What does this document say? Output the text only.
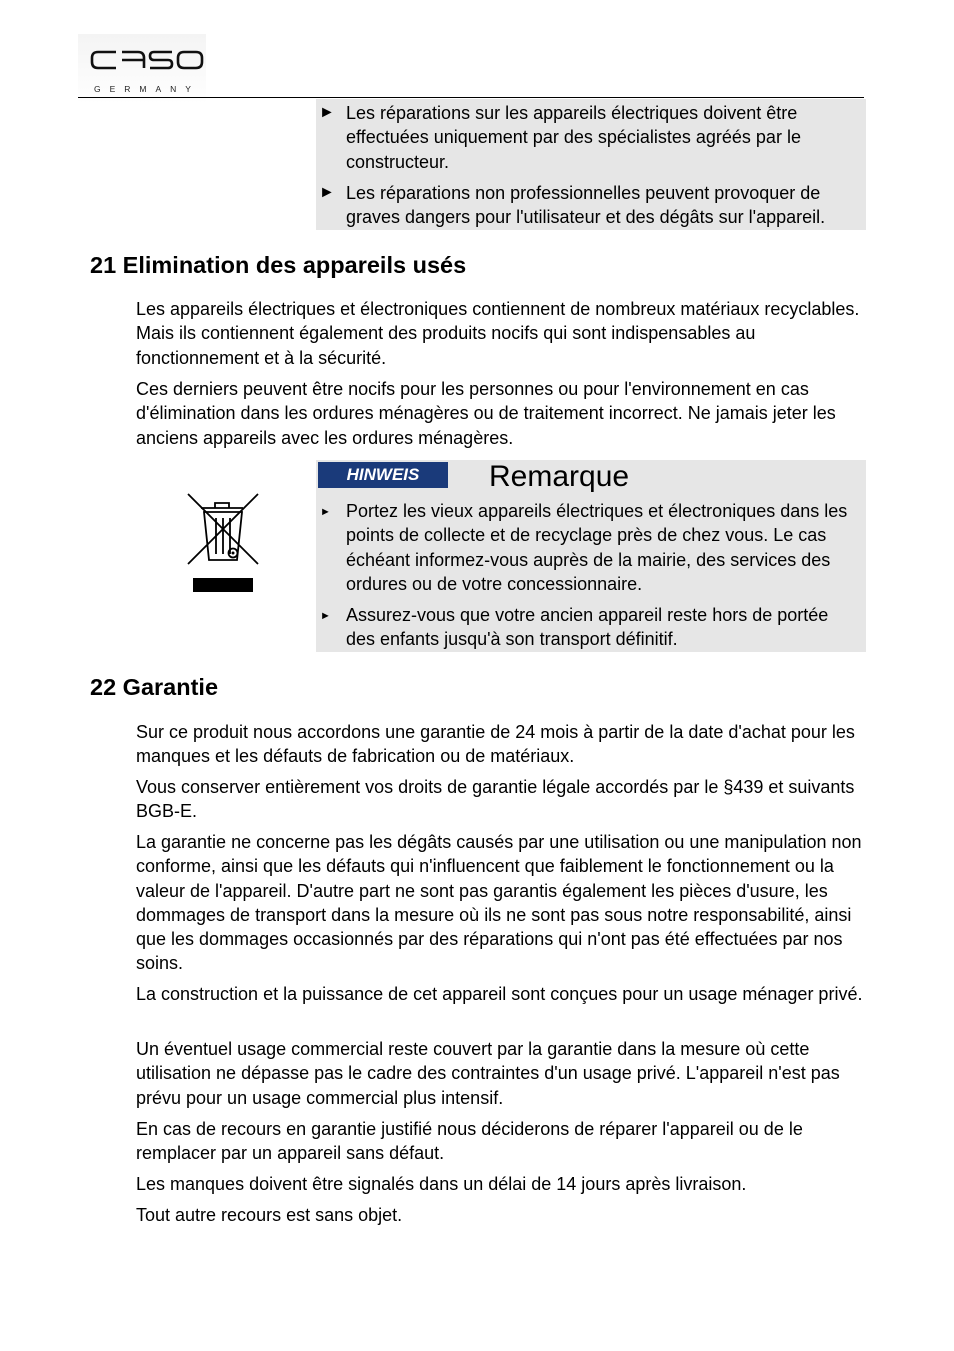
GERMANY
► Les réparations sur les appareils électriques doivent être effectuées uniquement par des spécialistes agréés par le constructeur.
► Les réparations non professionnelles peuvent provoquer de graves dangers pour l'utilisateur et des dégâts sur l'appareil.
21 Elimination des appareils usés
Les appareils électriques et électroniques contiennent de nombreux matériaux recyclables. Mais ils contiennent également des produits nocifs qui sont indispensables au fonctionnement et à la sécurité.
Ces derniers peuvent être nocifs pour les personnes ou pour l'environnement en cas d'élimination dans les ordures ménagères ou de traitement incorrect. Ne jamais jeter les anciens appareils avec les ordures ménagères.
HINWEIS	Remarque
► Portez les vieux appareils électriques et électroniques dans les points de collecte et de recyclage près de chez vous. Le cas échéant informez-vous auprès de la mairie, des services des ordures ou de votre concessionnaire.
► Assurez-vous que votre ancien appareil reste hors de portée des enfants jusqu'à son transport définitif.
22 Garantie
Sur ce produit nous accordons une garantie de 24 mois à partir de la date d'achat pour les manques et les défauts de fabrication ou de matériaux.
Vous conserver entièrement vos droits de garantie légale accordés par le §439 et suivants BGB-E.
La garantie ne concerne pas les dégâts causés par une utilisation ou une manipulation non conforme, ainsi que les défauts qui n'influencent que faiblement le fonctionnement ou la valeur de l'appareil. D'autre part ne sont pas garantis également les pièces d'usure, les dommages de transport dans la mesure où ils ne sont pas sous notre responsabilité, ainsi que les dommages occasionnés par des réparations qui n'ont pas été effectuées par nos soins.
La construction et la puissance de cet appareil sont conçues pour un usage ménager privé.
Un éventuel usage commercial reste couvert par la garantie dans la mesure où cette utilisation ne dépasse pas le cadre des contraintes d'un usage privé. L'appareil n'est pas prévu pour un usage commercial plus intensif.
En cas de recours en garantie justifié nous déciderons de réparer l'appareil ou de le remplacer par un appareil sans défaut.
Les manques doivent être signalés dans un délai de 14 jours après livraison.
Tout autre recours est sans objet.
